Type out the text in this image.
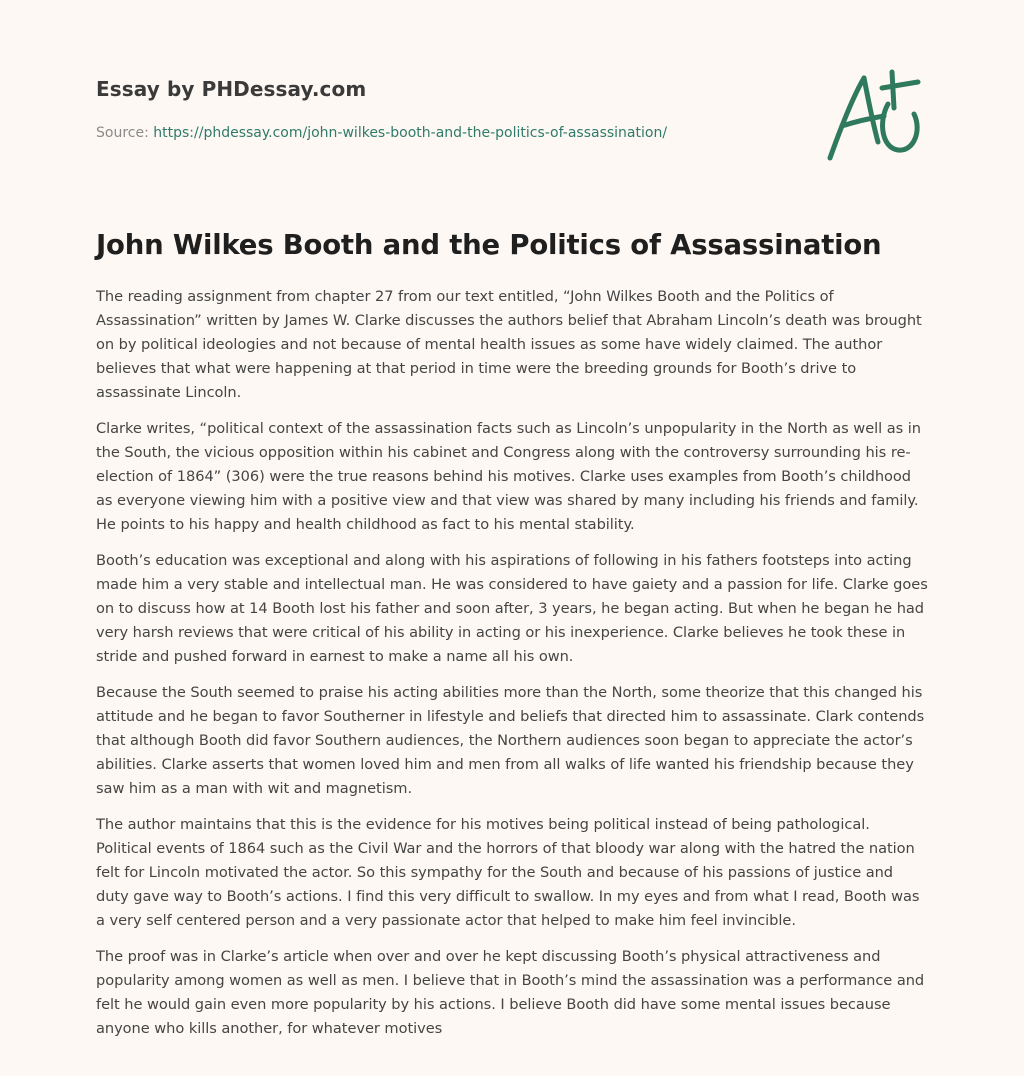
Essay by PHDessay.com
Source: https://phdessay.com/john-wilkes-booth-and-the-politics-of-assassination/
John Wilkes Booth and the Politics of Assassination

The reading assignment from chapter 27 from our text entitled, “John Wilkes Booth and the Politics of Assassination” written by James W. Clarke discusses the authors belief that Abraham Lincoln’s death was brought on by political ideologies and not because of mental health issues as some have widely claimed. The author believes that what were happening at that period in time were the breeding grounds for Booth’s drive to assassinate Lincoln.

Clarke writes, “political context of the assassination facts such as Lincoln’s unpopularity in the North as well as in the South, the vicious opposition within his cabinet and Congress along with the controversy surrounding his re-election of 1864” (306) were the true reasons behind his motives. Clarke uses examples from Booth’s childhood as everyone viewing him with a positive view and that view was shared by many including his friends and family. He points to his happy and health childhood as fact to his mental stability.

Booth’s education was exceptional and along with his aspirations of following in his fathers footsteps into acting made him a very stable and intellectual man. He was considered to have gaiety and a passion for life. Clarke goes on to discuss how at 14 Booth lost his father and soon after, 3 years, he began acting. But when he began he had very harsh reviews that were critical of his ability in acting or his inexperience. Clarke believes he took these in stride and pushed forward in earnest to make a name all his own.

Because the South seemed to praise his acting abilities more than the North, some theorize that this changed his attitude and he began to favor Southerner in lifestyle and beliefs that directed him to assassinate. Clark contends that although Booth did favor Southern audiences, the Northern audiences soon began to appreciate the actor’s abilities. Clarke asserts that women loved him and men from all walks of life wanted his friendship because they saw him as a man with wit and magnetism.

The author maintains that this is the evidence for his motives being political instead of being pathological. Political events of 1864 such as the Civil War and the horrors of that bloody war along with the hatred the nation felt for Lincoln motivated the actor. So this sympathy for the South and because of his passions of justice and duty gave way to Booth’s actions. I find this very difficult to swallow. In my eyes and from what I read, Booth was a very self centered person and a very passionate actor that helped to make him feel invincible.

The proof was in Clarke’s article when over and over he kept discussing Booth’s physical attractiveness and popularity among women as well as men. I believe that in Booth’s mind the assassination was a performance and felt he would gain even more popularity by his actions. I believe Booth did have some mental issues because anyone who kills another, for whatever motives
